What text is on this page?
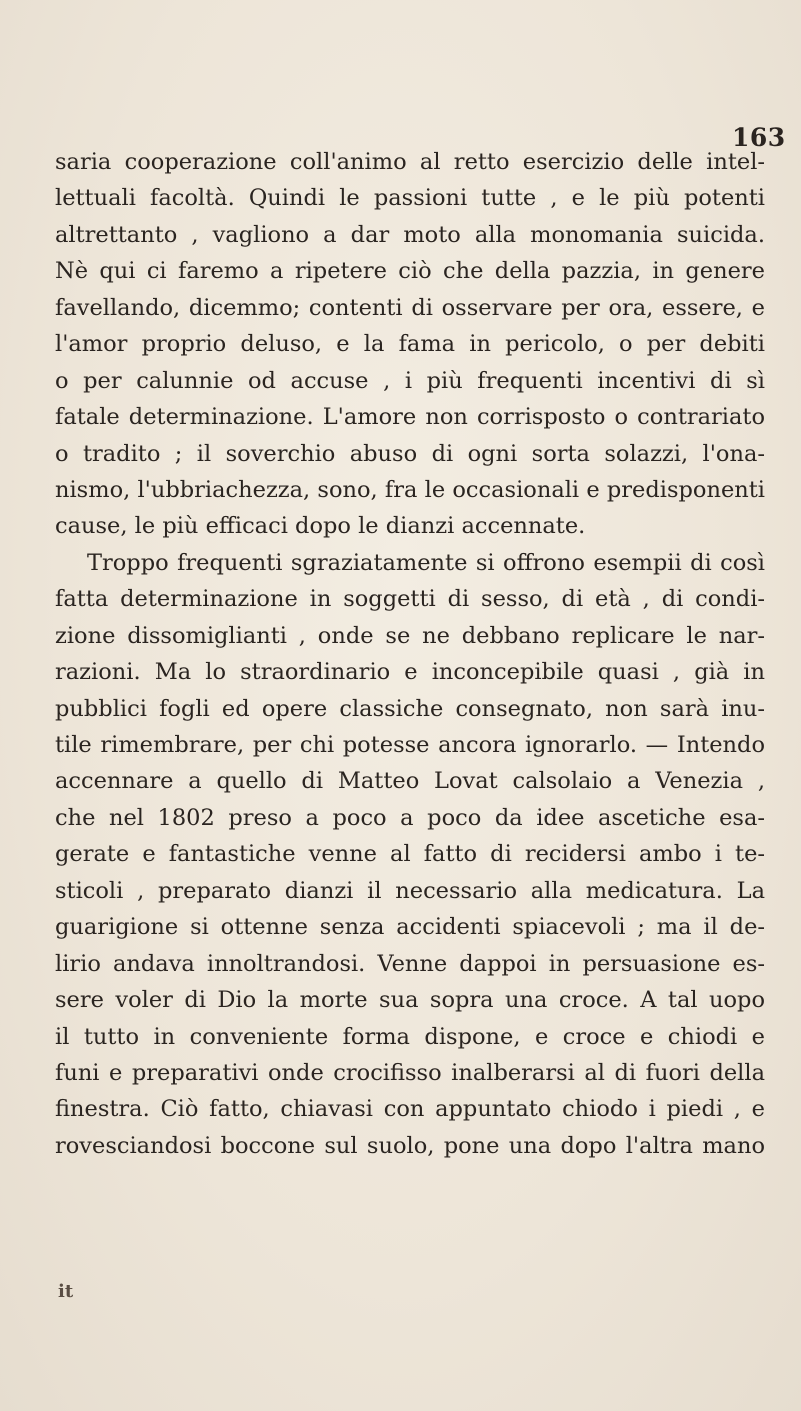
163
saria cooperazione coll'animo al retto esercizio delle intel-
lettuali facoltà. Quindi le passioni tutte , e le più potenti
altrettanto , vagliono a dar moto alla monomania suicida.
Nè qui ci faremo a ripetere ciò che della pazzia, in genere
favellando, dicemmo; contenti di osservare per ora, essere, e
l'amor proprio deluso, e la fama in pericolo, o per debiti
o per calunnie od accuse , i più frequenti incentivi di sì
fatale determinazione. L'amore non corrisposto o contrariato
o tradito ; il soverchio abuso di ogni sorta solazzi, l'ona-
nismo, l'ubbriachezza, sono, fra le occasionali e predisponenti
cause, le più efficaci dopo le dianzi accennate.
Troppo frequenti sgraziatamente si offrono esempii di così
fatta determinazione in soggetti di sesso, di età , di condi-
zione dissomiglianti , onde se ne debbano replicare le nar-
razioni. Ma lo straordinario e inconcepibile quasi , già in
pubblici fogli ed opere classiche consegnato, non sarà inu-
tile rimembrare, per chi potesse ancora ignorarlo. — Intendo
accennare a quello di Matteo Lovat calsolaio a Venezia ,
che nel 1802 preso a poco a poco da idee ascetiche esa-
gerate e fantastiche venne al fatto di recidersi ambo i te-
sticoli , preparato dianzi il necessario alla medicatura. La
guarigione si ottenne senza accidenti spiacevoli ; ma il de-
lirio andava innoltrandosi. Venne dappoi in persuasione es-
sere voler di Dio la morte sua sopra una croce. A tal uopo
il tutto in conveniente forma dispone, e croce e chiodi e
funi e preparativi onde crocifisso inalberarsi al di fuori della
finestra. Ciò fatto, chiavasi con appuntato chiodo i piedi , e
rovesciandosi boccone sul suolo, pone una dopo l'altra mano
it
